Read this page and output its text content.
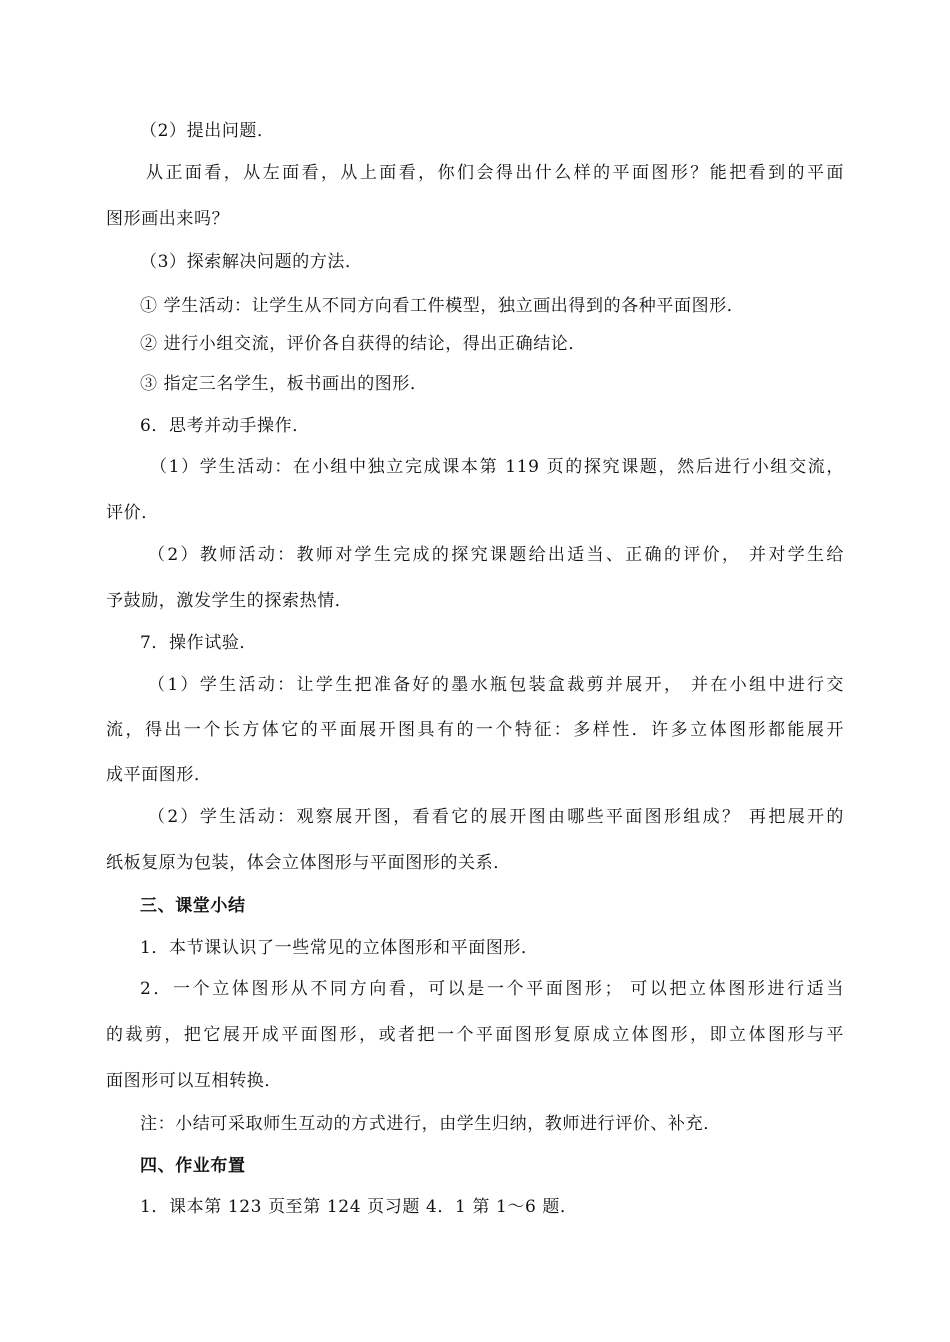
（2）提出问题．
从正面看，从左面看，从上面看，你们会得出什么样的平面图形？能把看到的平面
图形画出来吗？
（3）探索解决问题的方法．
① 学生活动：让学生从不同方向看工件模型，独立画出得到的各种平面图形．
② 进行小组交流，评价各自获得的结论，得出正确结论．
③ 指定三名学生，板书画出的图形．
6．思考并动手操作．
（1）学生活动：在小组中独立完成课本第 119 页的探究课题，然后进行小组交流，
评价．
（2）教师活动：教师对学生完成的探究课题给出适当、正确的评价， 并对学生给
予鼓励，激发学生的探索热情．
7．操作试验．
（1）学生活动：让学生把准备好的墨水瓶包装盒裁剪并展开， 并在小组中进行交
流，得出一个长方体它的平面展开图具有的一个特征：多样性．许多立体图形都能展开
成平面图形．
（2）学生活动：观察展开图，看看它的展开图由哪些平面图形组成？ 再把展开的
纸板复原为包装，体会立体图形与平面图形的关系．
三、课堂小结
1．本节课认识了一些常见的立体图形和平面图形．
2．一个立体图形从不同方向看，可以是一个平面图形； 可以把立体图形进行适当
的裁剪，把它展开成平面图形，或者把一个平面图形复原成立体图形，即立体图形与平
面图形可以互相转换．
注：小结可采取师生互动的方式进行，由学生归纳，教师进行评价、补充．
四、作业布置
1．课本第 123 页至第 124 页习题 4．1 第 1～6 题．
